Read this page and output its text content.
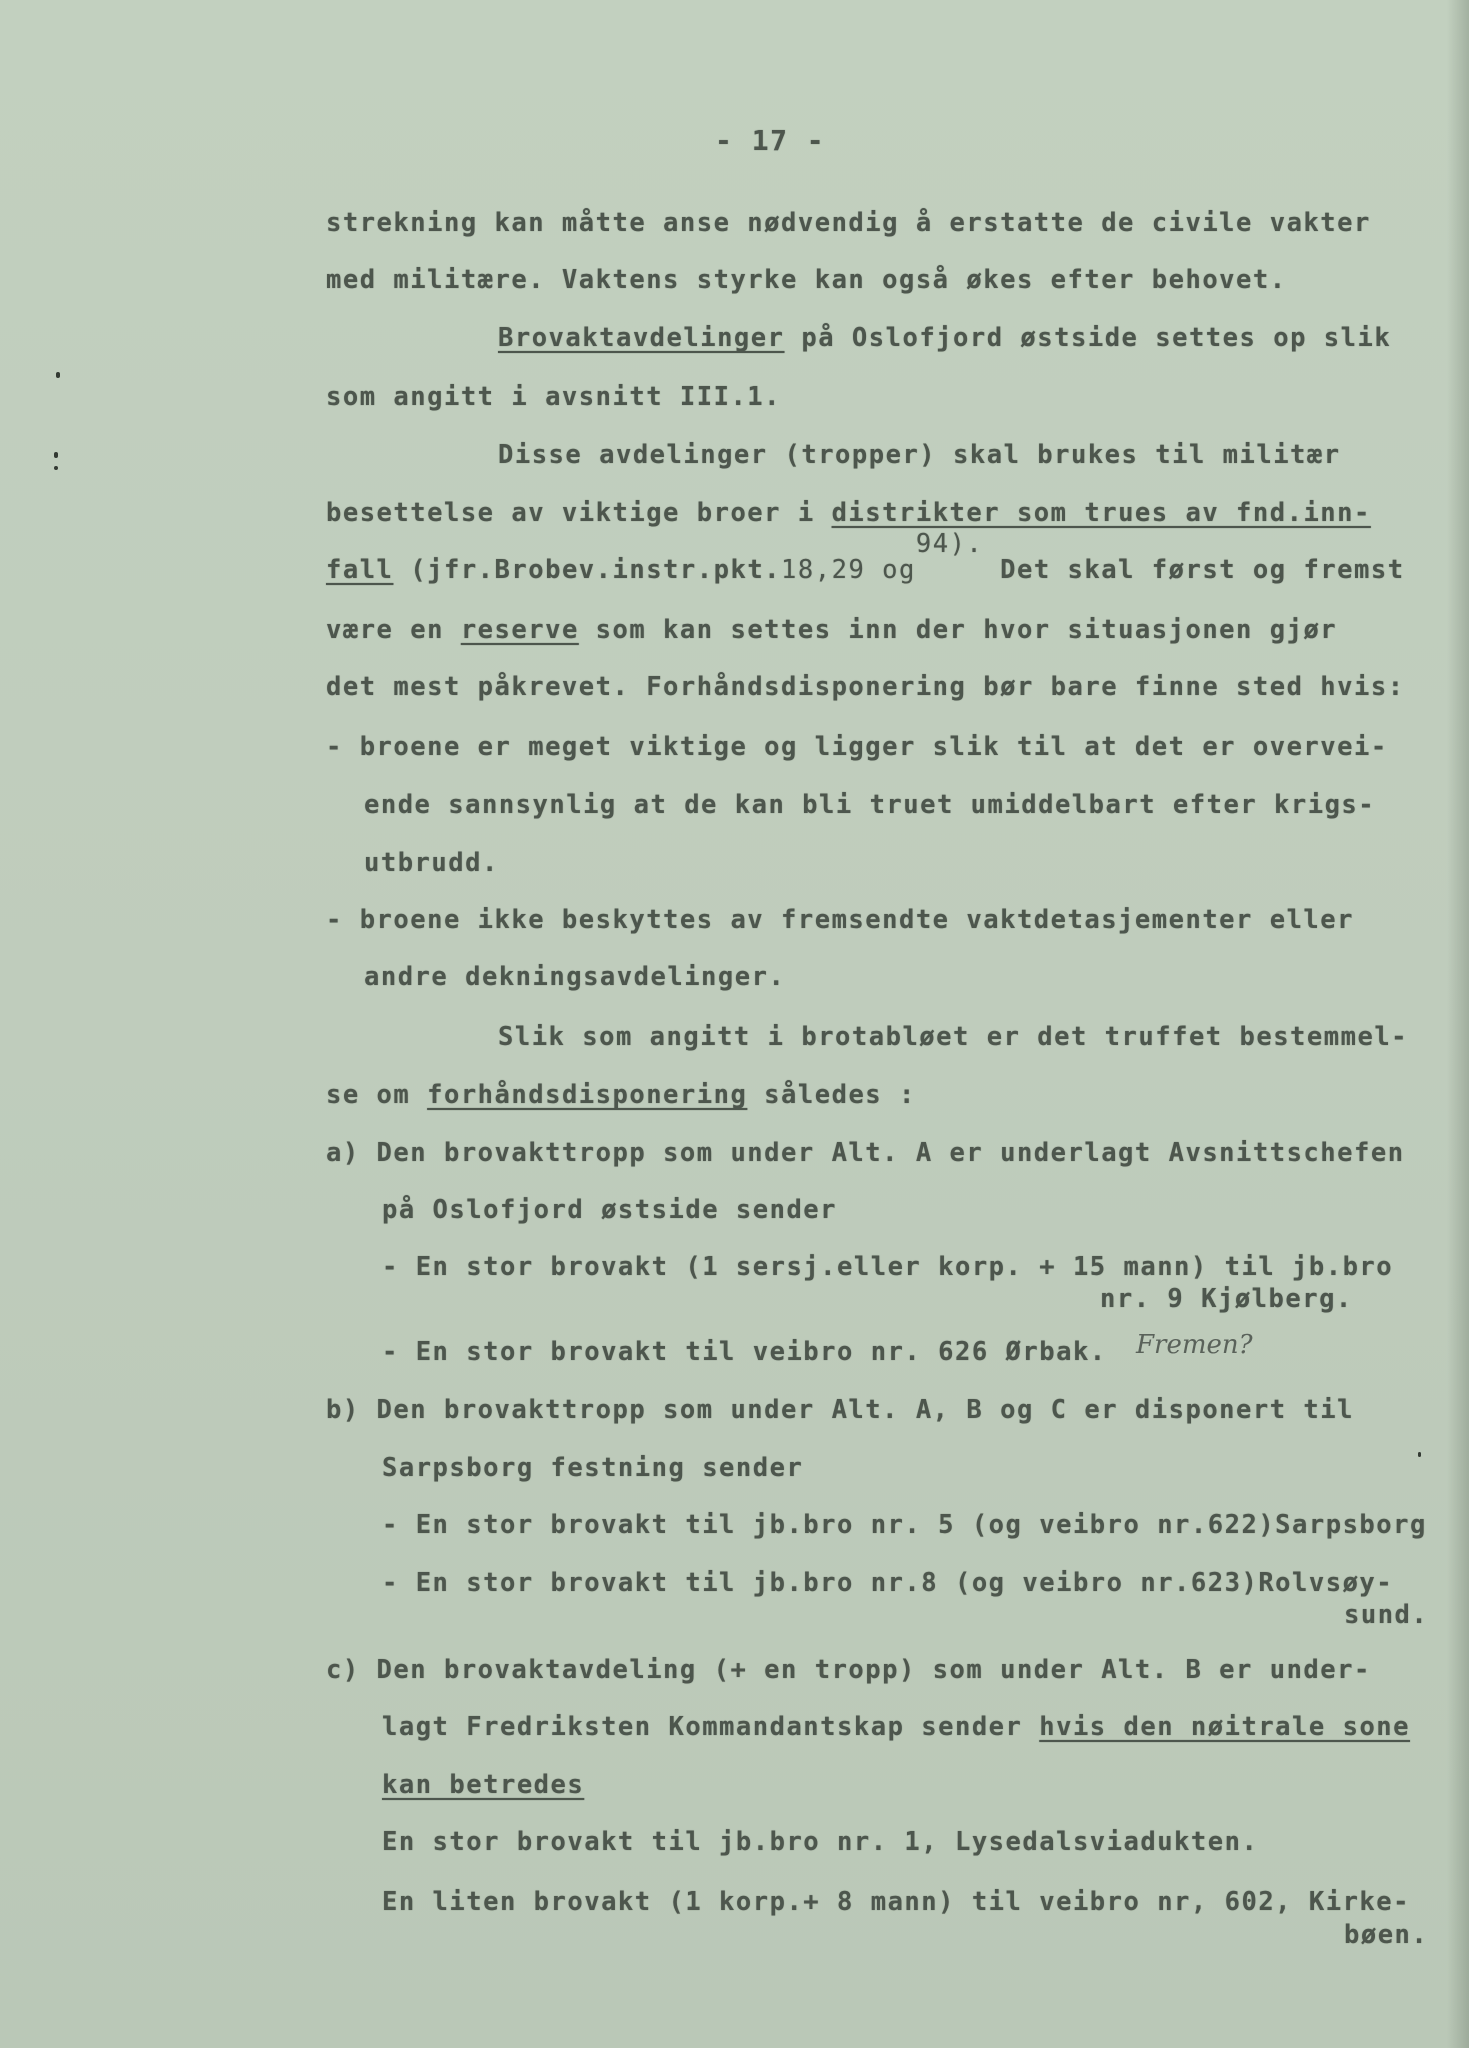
- 17 -
strekning kan måtte anse nødvendig å erstatte de civile vakter
med militære. Vaktens styrke kan også økes efter behovet.
Brovaktavdelinger på Oslofjord østside settes op slik
som angitt i avsnitt III.1.
Disse avdelinger (tropper) skal brukes til militær
besettelse av viktige broer i distrikter som trues av fnd.inn-
fall (jfr.Brobev.instr.pkt.18,29 og94). Det skal først og fremst
være en reserve som kan settes inn der hvor situasjonen gjør
det mest påkrevet. Forhåndsdisponering bør bare finne sted hvis:
- broene er meget viktige og ligger slik til at det er overvei-
ende sannsynlig at de kan bli truet umiddelbart efter krigs-
utbrudd.
- broene ikke beskyttes av fremsendte vaktdetasjementer eller
andre dekningsavdelinger.
Slik som angitt i brotabløet er det truffet bestemmel-
se om forhåndsdisponering således :
a) Den brovakttropp som under Alt. A er underlagt Avsnittschefen
på Oslofjord østside sender
- En stor brovakt (1 sersj.eller korp. + 15 mann) til jb.bro
nr. 9 Kjølberg.
- En stor brovakt til veibro nr. 626 Ørbak. Fremen?
b) Den brovakttropp som under Alt. A, B og C er disponert til
Sarpsborg festning sender
- En stor brovakt til jb.bro nr. 5 (og veibro nr.622)Sarpsborg
- En stor brovakt til jb.bro nr.8 (og veibro nr.623)Rolvsøy-
sund.
c) Den brovaktavdeling (+ en tropp) som under Alt. B er under-
lagt Fredriksten Kommandantskap sender hvis den nøitrale sone
kan betredes
En stor brovakt til jb.bro nr. 1, Lysedalsviadukten.
En liten brovakt (1 korp.+ 8 mann) til veibro nr, 602, Kirke-
bøen.
